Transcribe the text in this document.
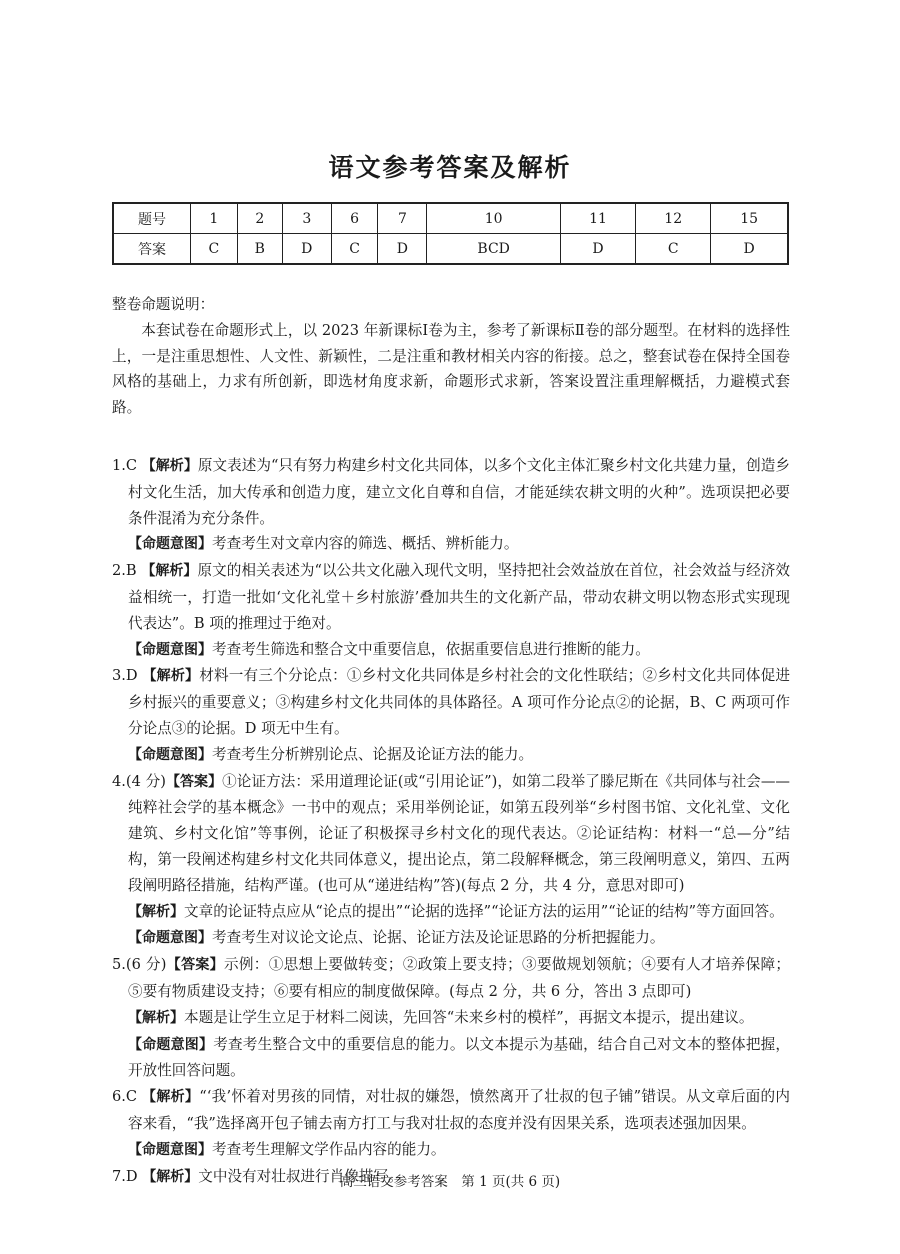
语文参考答案及解析
题号	1	2	3	6	7	10	11	12	15
答案	C	B	D	C	D	BCD	D	C	D

整卷命题说明：

本套试卷在命题形式上，以 2023 年新课标Ⅰ卷为主，参考了新课标Ⅱ卷的部分题型。在材料的选择性上，一是注重思想性、人文性、新颖性，二是注重和教材相关内容的衔接。总之，整套试卷在保持全国卷风格的基础上，力求有所创新，即选材角度求新，命题形式求新，答案设置注重理解概括，力避模式套路。

1.C 【解析】原文表述为“只有努力构建乡村文化共同体，以多个文化主体汇聚乡村文化共建力量，创造乡村文化生活，加大传承和创造力度，建立文化自尊和自信，才能延续农耕文明的火种”。选项误把必要条件混淆为充分条件。

【命题意图】考查考生对文章内容的筛选、概括、辨析能力。

2.B 【解析】原文的相关表述为“以公共文化融入现代文明，坚持把社会效益放在首位，社会效益与经济效益相统一，打造一批如‘文化礼堂＋乡村旅游’叠加共生的文化新产品，带动农耕文明以物态形式实现现代表达”。B 项的推理过于绝对。

【命题意图】考查考生筛选和整合文中重要信息，依据重要信息进行推断的能力。

3.D 【解析】材料一有三个分论点：①乡村文化共同体是乡村社会的文化性联结；②乡村文化共同体促进乡村振兴的重要意义；③构建乡村文化共同体的具体路径。A 项可作分论点②的论据，B、C 两项可作分论点③的论据。D 项无中生有。

【命题意图】考查考生分析辨别论点、论据及论证方法的能力。

4.(4 分)【答案】①论证方法：采用道理论证(或“引用论证”)，如第二段举了滕尼斯在《共同体与社会——纯粹社会学的基本概念》一书中的观点；采用举例论证，如第五段列举“乡村图书馆、文化礼堂、文化建筑、乡村文化馆”等事例，论证了积极探寻乡村文化的现代表达。②论证结构：材料一“总—分”结构，第一段阐述构建乡村文化共同体意义，提出论点，第二段解释概念，第三段阐明意义，第四、五两段阐明路径措施，结构严谨。(也可从“递进结构”答)(每点 2 分，共 4 分，意思对即可)

【解析】文章的论证特点应从“论点的提出”“论据的选择”“论证方法的运用”“论证的结构”等方面回答。

【命题意图】考查考生对议论文论点、论据、论证方法及论证思路的分析把握能力。

5.(6 分)【答案】示例：①思想上要做转变；②政策上要支持；③要做规划领航；④要有人才培养保障；⑤要有物质建设支持；⑥要有相应的制度做保障。(每点 2 分，共 6 分，答出 3 点即可)

【解析】本题是让学生立足于材料二阅读，先回答“未来乡村的模样”，再据文本提示，提出建议。

【命题意图】考查考生整合文中的重要信息的能力。以文本提示为基础，结合自己对文本的整体把握，开放性回答问题。

6.C 【解析】“‘我’怀着对男孩的同情，对壮叔的嫌怨，愤然离开了壮叔的包子铺”错误。从文章后面的内容来看，“我”选择离开包子铺去南方打工与我对壮叔的态度并没有因果关系，选项表述强加因果。

【命题意图】考查考生理解文学作品内容的能力。

7.D 【解析】文中没有对壮叔进行肖像描写。

高三语文参考答案　第 1 页(共 6 页)
